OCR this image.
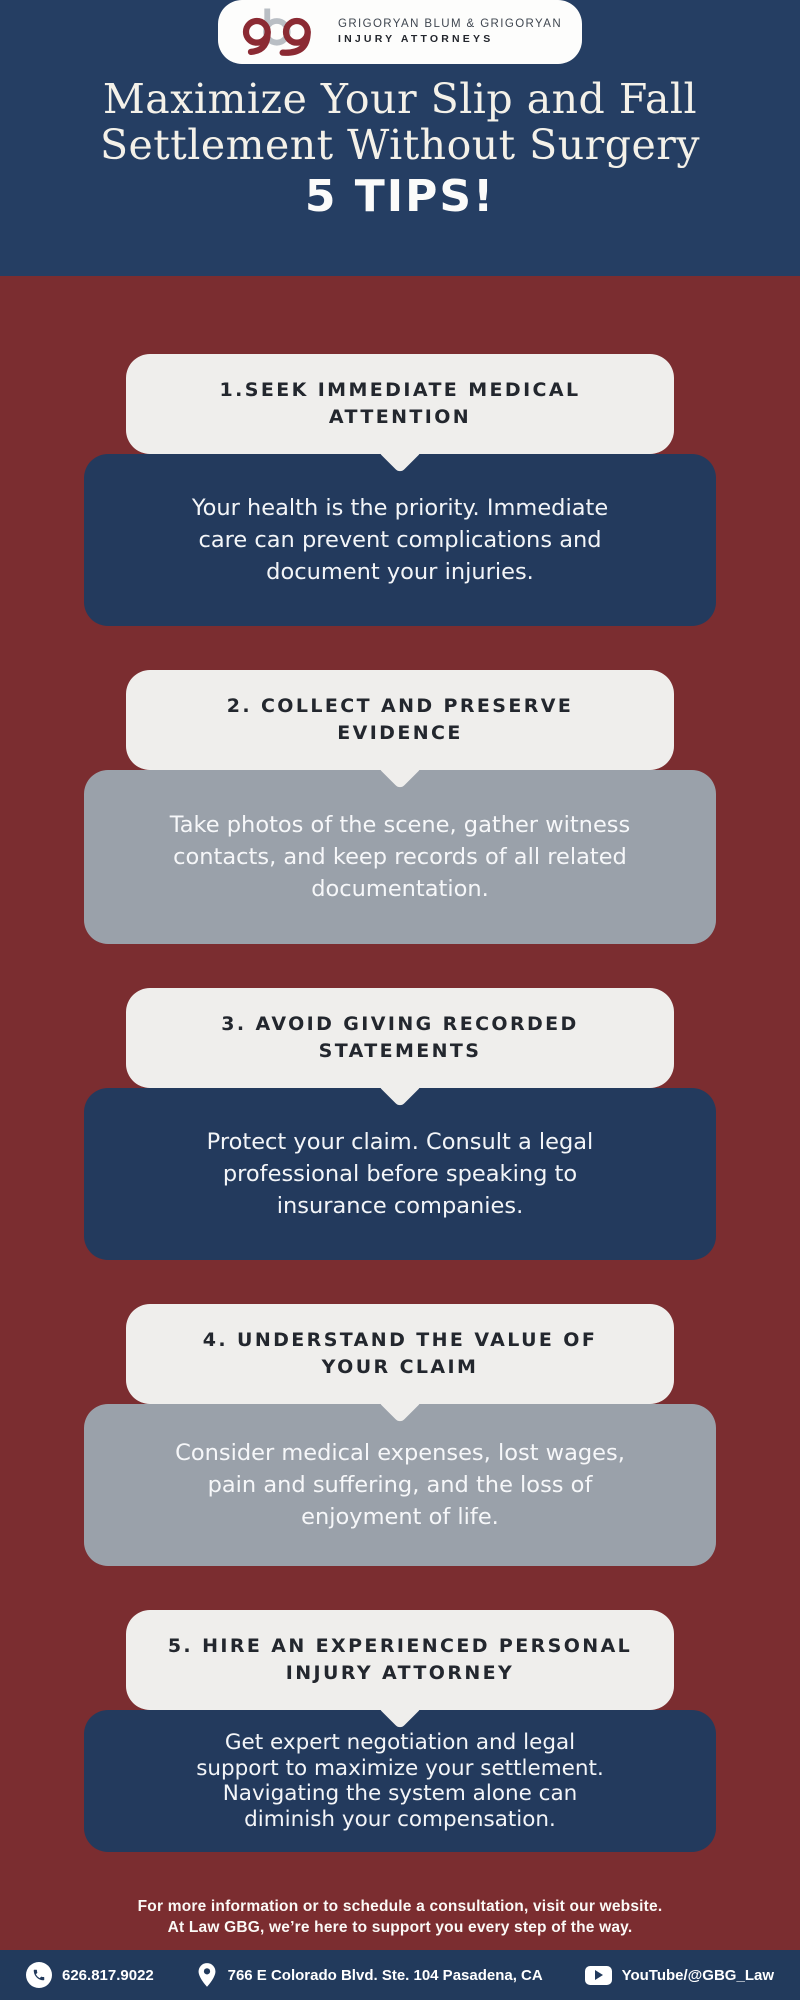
GRIGORYAN BLUM & GRIGORYAN
INJURY ATTORNEYS
Maximize Your Slip and Fall
Settlement Without Surgery
5 TIPS!
1.SEEK IMMEDIATE MEDICAL
ATTENTION
Your health is the priority. Immediate
care can prevent complications and
document your injuries.
2. COLLECT AND PRESERVE
EVIDENCE
Take photos of the scene, gather witness
contacts, and keep records of all related
documentation.
3. AVOID GIVING RECORDED
STATEMENTS
Protect your claim. Consult a legal
professional before speaking to
insurance companies.
4. UNDERSTAND THE VALUE OF
YOUR CLAIM
Consider medical expenses, lost wages,
pain and suffering, and the loss of
enjoyment of life.
5. HIRE AN EXPERIENCED PERSONAL
INJURY ATTORNEY
Get expert negotiation and legal
support to maximize your settlement.
Navigating the system alone can
diminish your compensation.
For more information or to schedule a consultation, visit our website.
At Law GBG, we’re here to support you every step of the way.
626.817.9022	766 E Colorado Blvd. Ste. 104 Pasadena, CA	YouTube/@GBG_Law
